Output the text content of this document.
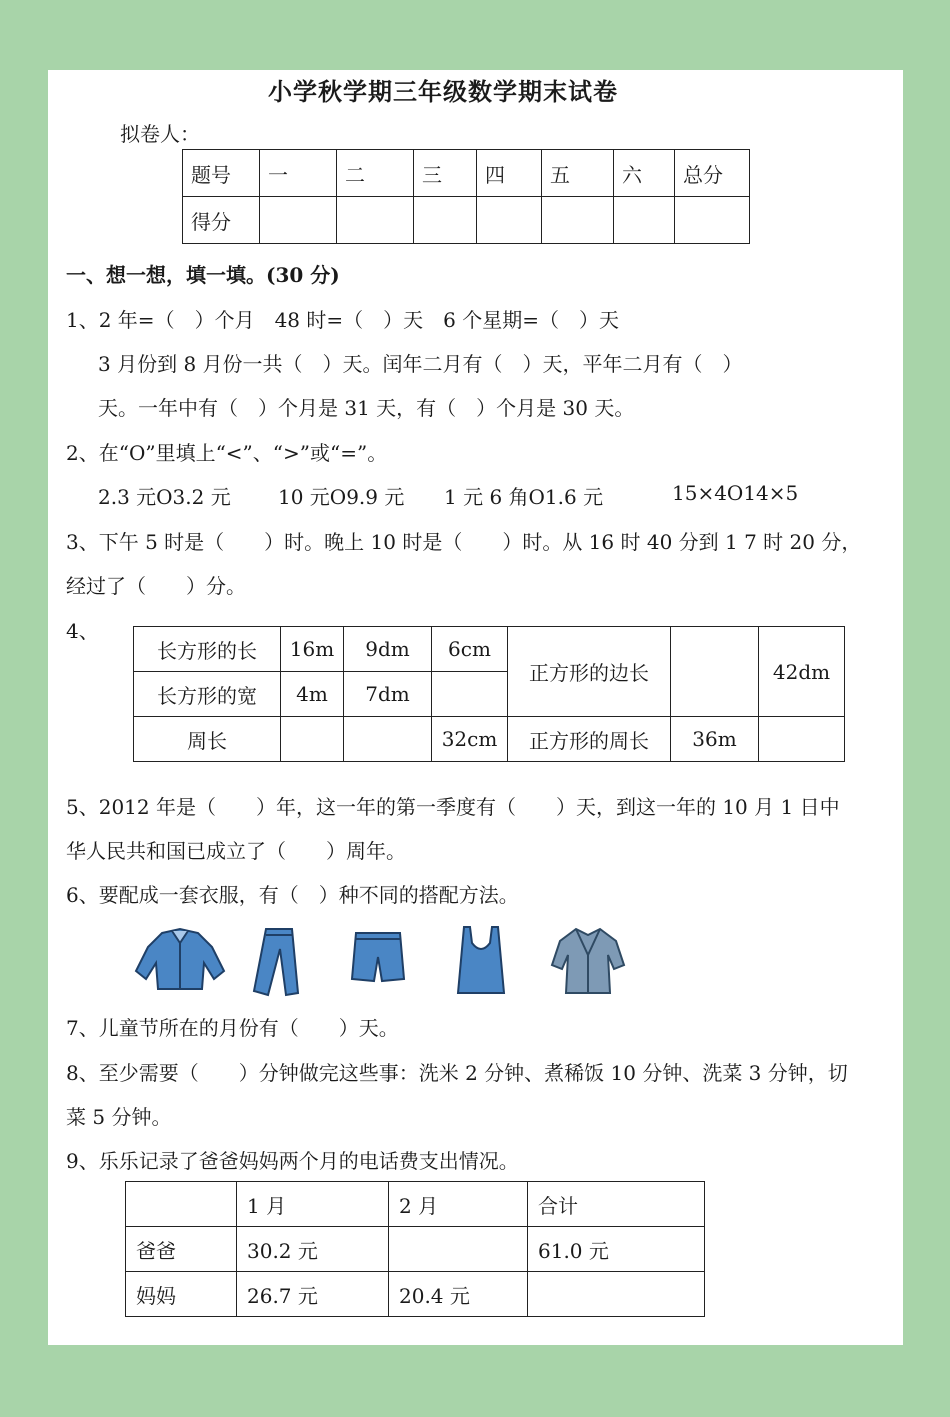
小学秋学期三年级数学期末试卷
拟卷人：
题号	一	二	三	四	五	六	总分
得分							
一、想一想，填一填。(30 分)
1、2 年=（　）个月　48 时=（　）天　6 个星期=（　）天
3 月份到 8 月份一共（　）天。闰年二月有（　）天，平年二月有（　）
天。一年中有（　）个月是 31 天，有（　）个月是 30 天。
2、在“O”里填上“<”、“>”或“=”。
2.3 元O3.2 元 10 元O9.9 元 1 元 6 角O1.6 元	15×4O14×5
3、下午 5 时是（　　）时。晚上 10 时是（　　）时。从 16 时 40 分到 1 7 时 20 分，
经过了（　　）分。
4、
长方形的长	16m	9dm	6cm	正方形的边长		42dm
长方形的宽	4m	7dm				
周长			32cm	正方形的周长	36m	
5、2012 年是（　　）年，这一年的第一季度有（　　）天，到这一年的 10 月 1 日中
华人民共和国已成立了（　　）周年。
6、要配成一套衣服，有（　）种不同的搭配方法。
7、儿童节所在的月份有（　　）天。
8、至少需要（　　）分钟做完这些事：洗米 2 分钟、煮稀饭 10 分钟、洗菜 3 分钟，切
菜 5 分钟。
9、乐乐记录了爸爸妈妈两个月的电话费支出情况。
	1 月	2 月	合计
爸爸	30.2 元		61.0 元
妈妈	26.7 元	20.4 元	
